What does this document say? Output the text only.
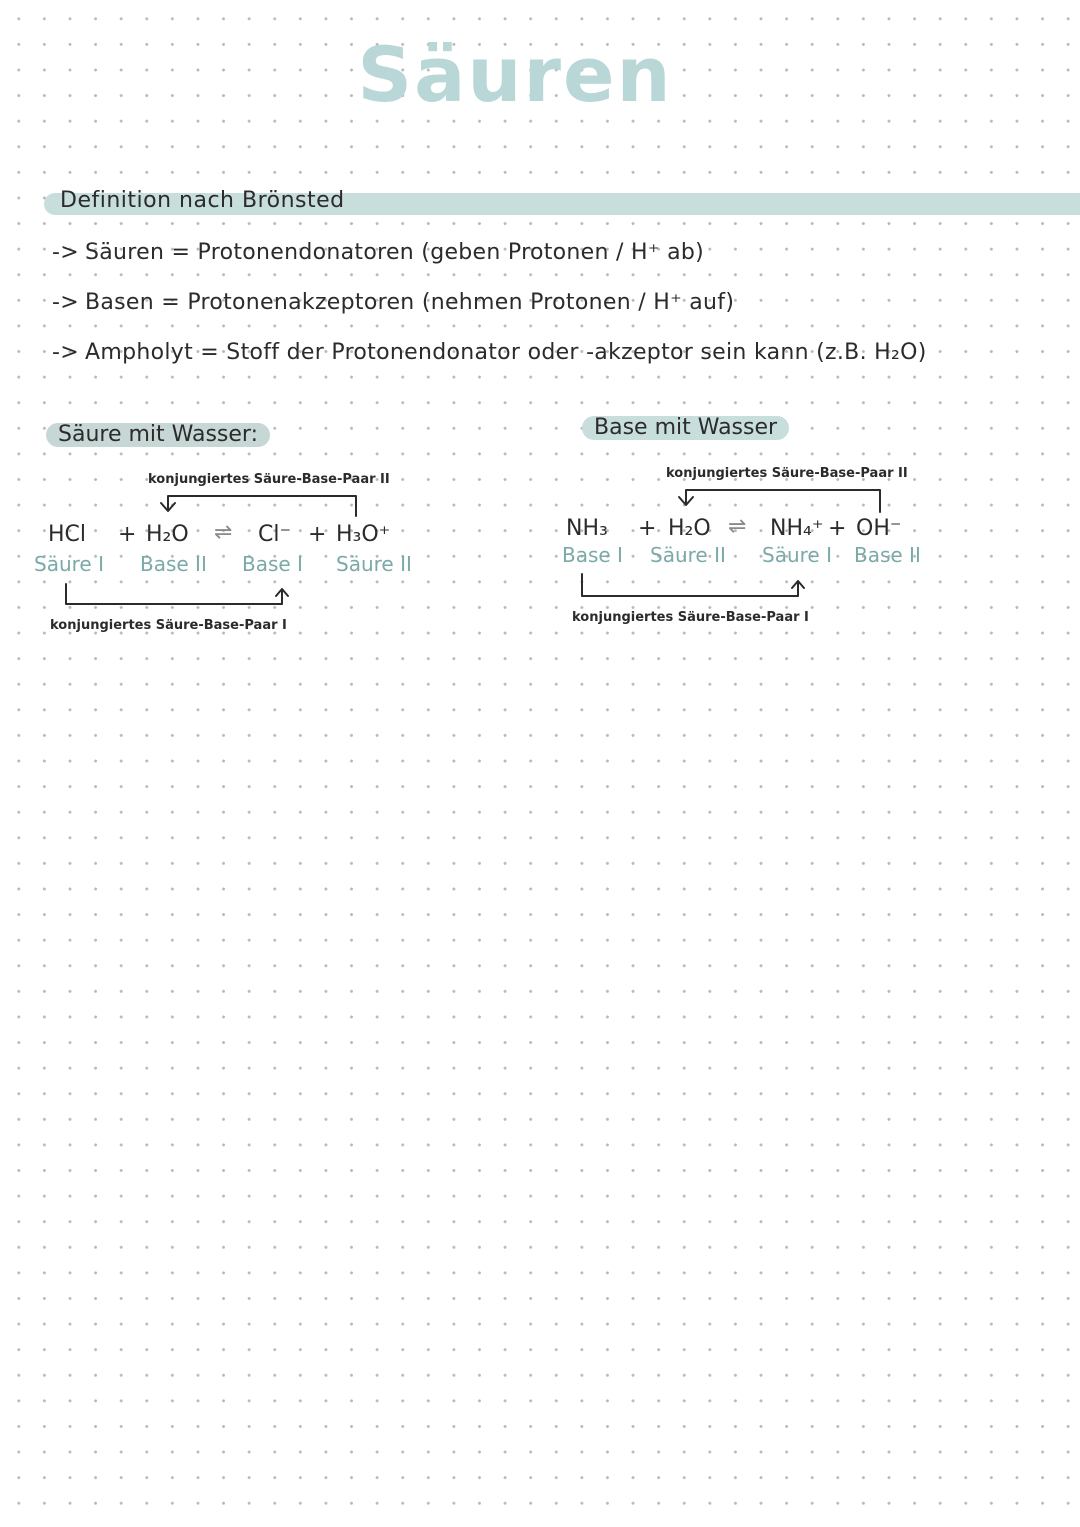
Säuren
Definition nach Brönsted
-> Säuren = Protonendonatoren (geben Protonen / H⁺ ab)
-> Basen = Protonenakzeptoren (nehmen Protonen / H⁺ auf)
-> Ampholyt = Stoff der Protonendonator oder -akzeptor sein kann (z.B. H₂O)
Säure mit Wasser:
konjungiertes Säure-Base-Paar II
HCl + H₂O ⇌ Cl⁻ + H₃O⁺
Säure I Base II Base I Säure II
konjungiertes Säure-Base-Paar I
Base mit Wasser
konjungiertes Säure-Base-Paar II
NH₃ + H₂O ⇌ NH₄⁺ + OH⁻
Base I Säure II Säure I Base II
konjungiertes Säure-Base-Paar I
